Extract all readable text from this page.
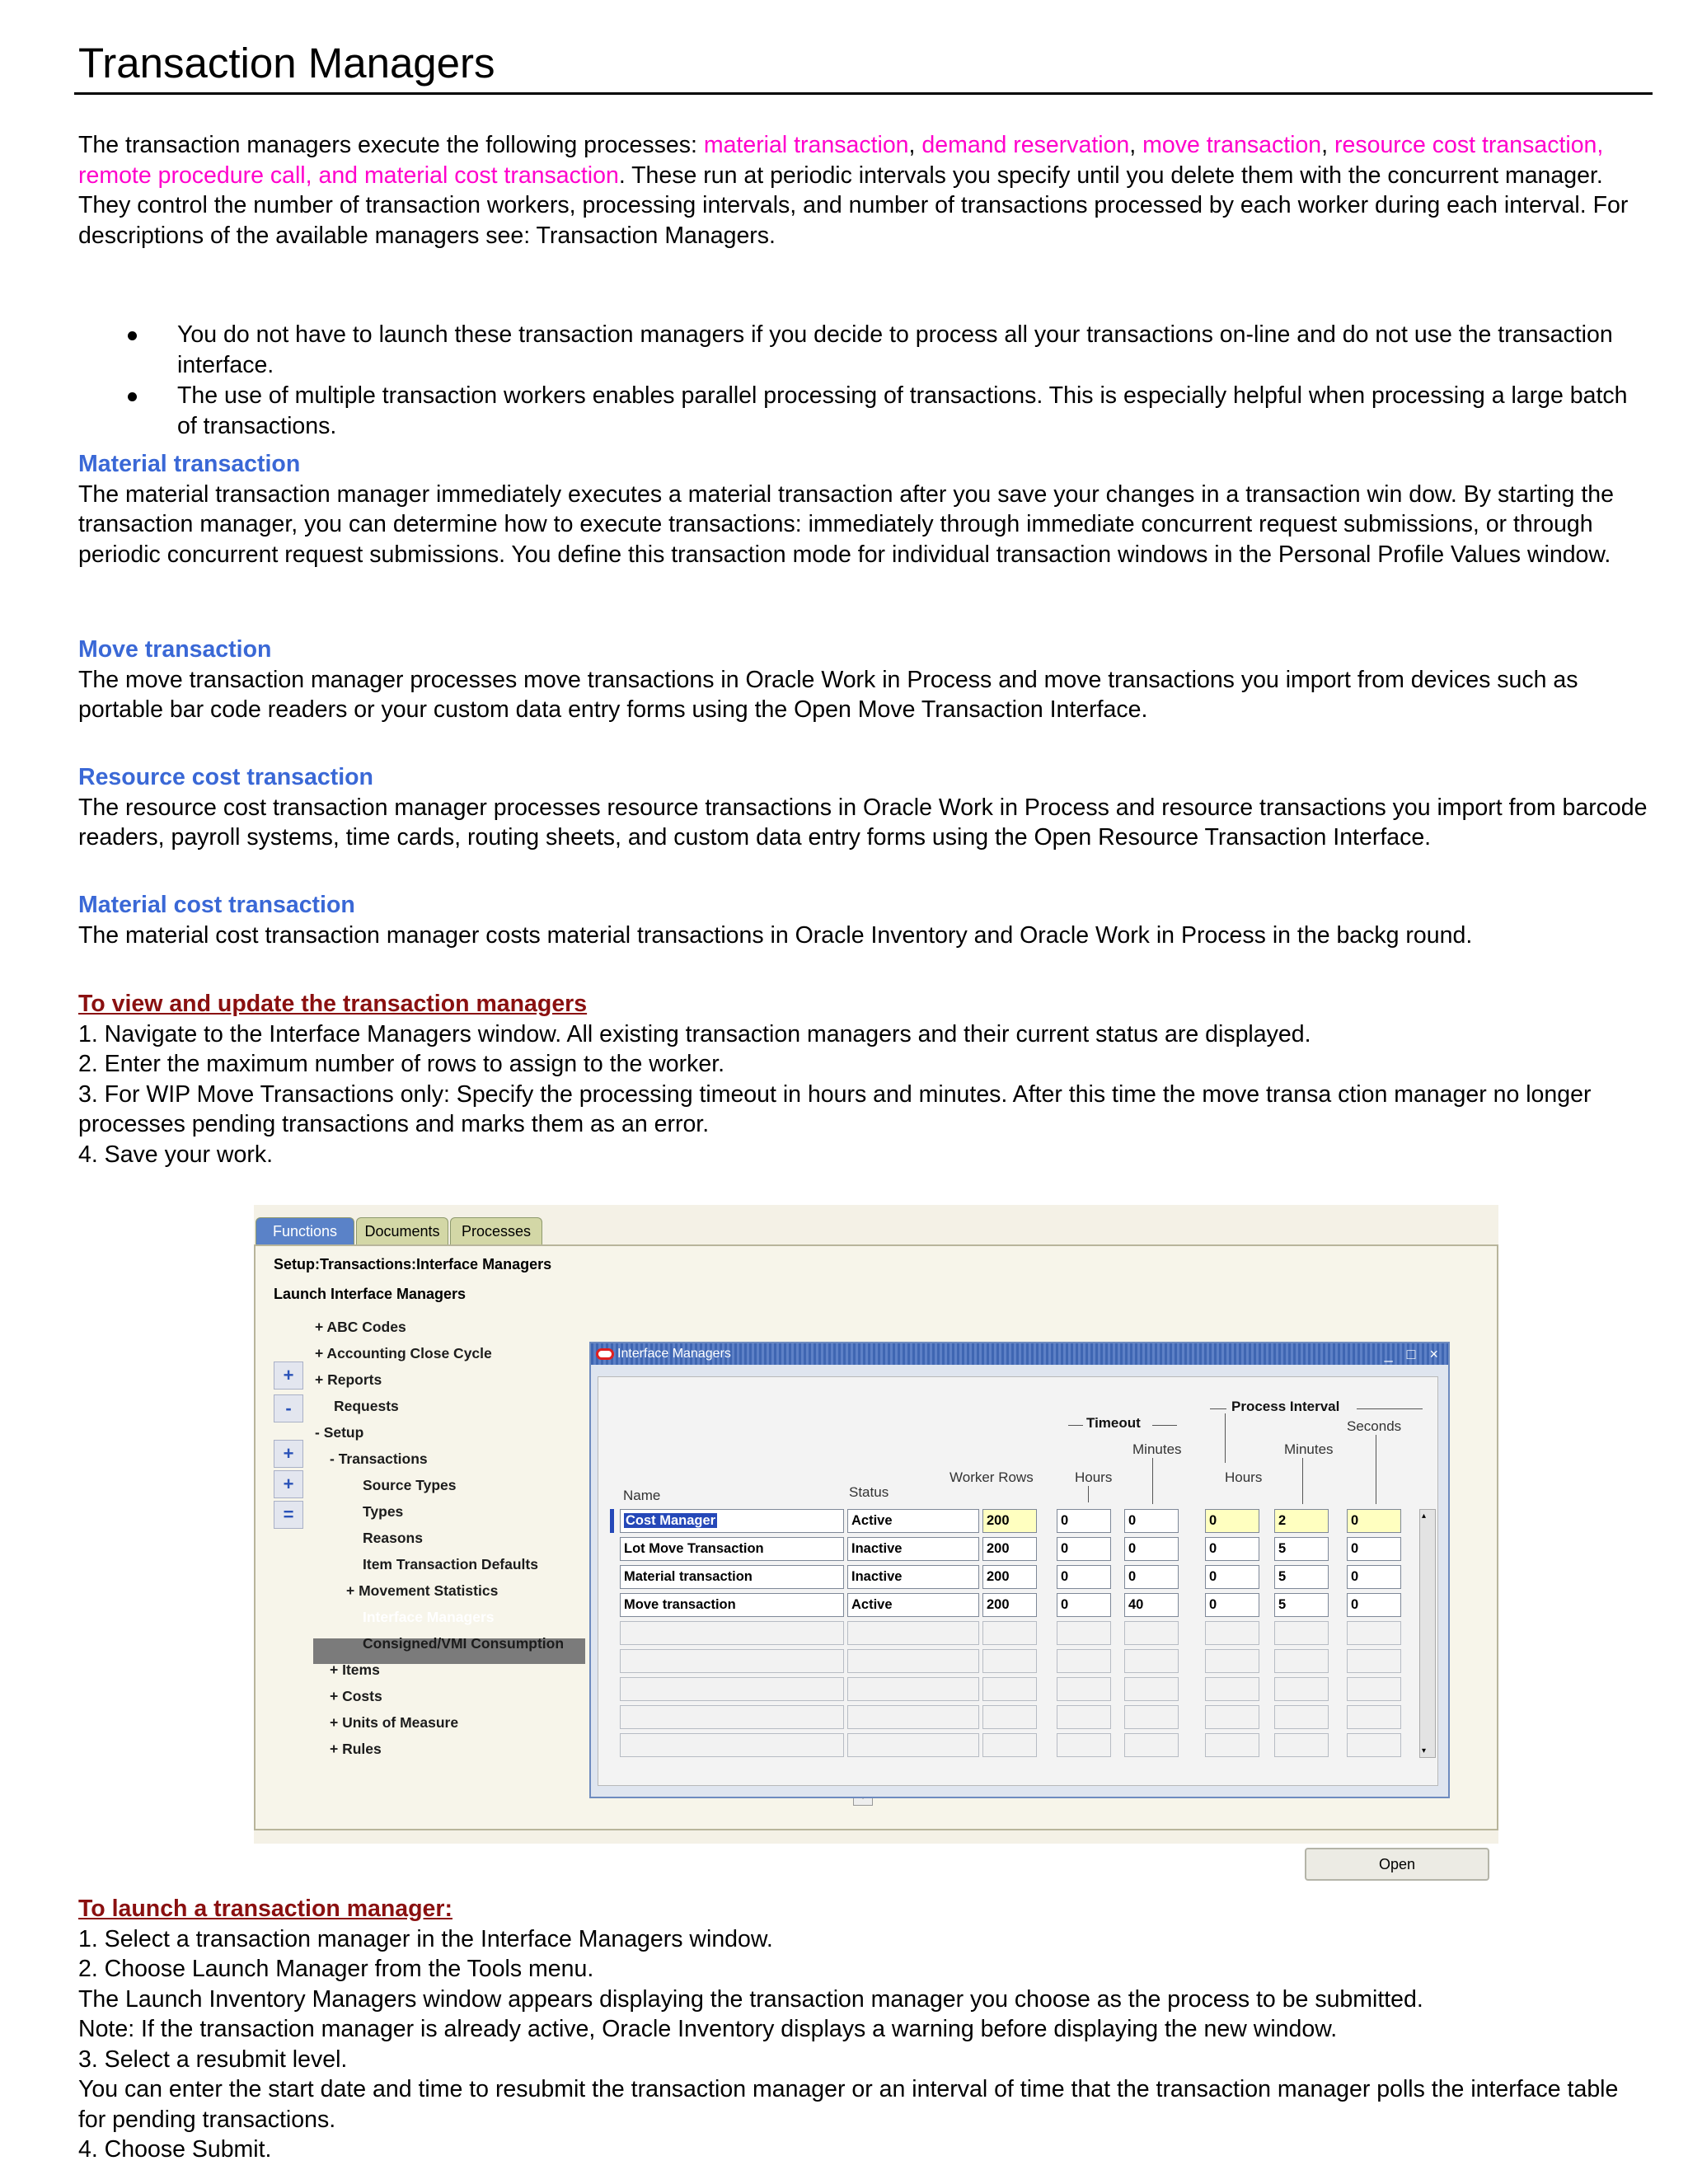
Transaction Managers

The transaction managers execute the following processes: material transaction, demand reservation, move transaction, resource cost transaction, remote procedure call, and material cost transaction. These run at periodic intervals you specify until you delete them with the concurrent manager. They control the number of transaction workers, processing intervals, and number of transactions processed by each worker during each interval. For descriptions of the available managers see: Transaction Managers.

You do not have to launch these transaction managers if you decide to process all your transactions on-line and do not use the transaction interface.
The use of multiple transaction workers enables parallel processing of transactions. This is especially helpful when processing a large batch of transactions.
Material transaction
The material transaction manager immediately executes a material transaction after you save your changes in a transaction win dow. By starting the transaction manager, you can determine how to execute transactions: immediately through immediate concurrent request submissions, or through periodic concurrent request submissions. You define this transaction mode for individual transaction windows in the Personal Profile Values window.
Move transaction
The move transaction manager processes move transactions in Oracle Work in Process and move transactions you import from devices such as portable bar code readers or your custom data entry forms using the Open Move Transaction Interface.
Resource cost transaction
The resource cost transaction manager processes resource transactions in Oracle Work in Process and resource transactions you import from barcode readers, payroll systems, time cards, routing sheets, and custom data entry forms using the Open Resource Transaction Interface.
Material cost transaction
The material cost transaction manager costs material transactions in Oracle Inventory and Oracle Work in Process in the backg round.
To view and update the transaction managers
1. Navigate to the Interface Managers window. All existing transaction managers and their current status are displayed.
2. Enter the maximum number of rows to assign to the worker.
3. For WIP Move Transactions only: Specify the processing timeout in hours and minutes. After this time the move transa ction manager no longer processes pending transactions and marks them as an error.
4. Save your work.
To launch a transaction manager:
1. Select a transaction manager in the Interface Managers window.
2. Choose Launch Manager from the Tools menu.
The Launch Inventory Managers window appears displaying the transaction manager you choose as the process to be submitted.
Note: If the transaction manager is already active, Oracle Inventory displays a warning before displaying the new window.
3. Select a resubmit level.
You can enter the start date and time to resubmit the transaction manager or an interval of time that the transaction manager polls the interface table for pending transactions.
4. Choose Submit.
Functions	Documents	Processes
Setup:Transactions:Interface Managers
Launch Interface Managers
+
-
+
+
=
+ ABC Codes
+ Accounting Close Cycle
+ Reports
Requests
- Setup
- Transactions
Source Types
Types
Reasons
Item Transaction Defaults
+ Movement Statistics
Interface Managers
Consigned/VMI Consumption
+ Items
+ Costs
+ Units of Measure
+ Rules
Interface Managers	_ □ ×
Process Interval
Seconds
Timeout
Minutes	Minutes
Worker Rows	Hours	Hours
Name	Status
Cost Manager	Active	200	0	0	0	2	0
Lot Move Transaction	Inactive	200	0	0	0	5	0
Material transaction	Inactive	200	0	0	0	5	0
Move transaction	Active	200	0	40	0	5	0
▴
▾
Open
